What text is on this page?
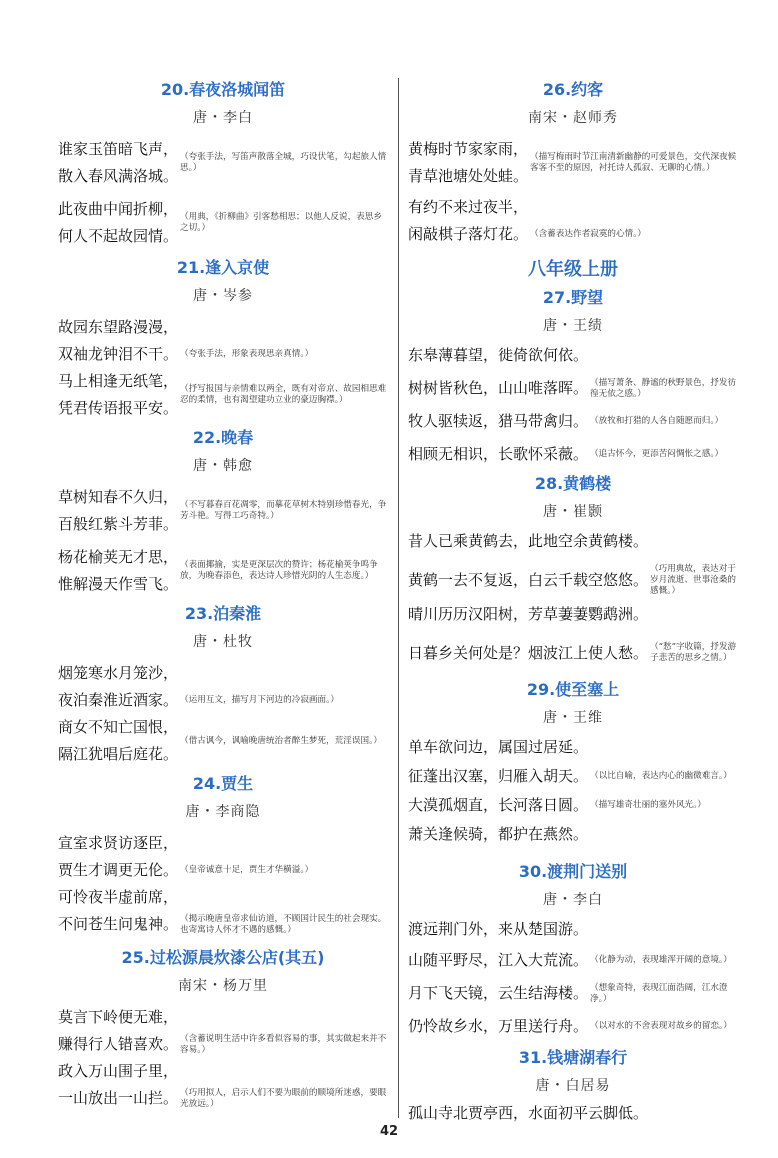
20.春夜洛城闻笛
唐・李白
谁家玉笛暗飞声，
散入春风满洛城。
（夸张手法，写笛声散落全城，巧设伏笔，勾起旅人情思。）
此夜曲中闻折柳，
何人不起故园情。
（用典，《折柳曲》引客愁相思；以他人反说，表思乡之切。）
21.逢入京使
唐・岑参
故园东望路漫漫，
双袖龙钟泪不干。 （夸张手法，形象表现思亲真情。）
马上相逢无纸笔，
凭君传语报平安。
（抒写报国与亲情难以两全，既有对帝京、故园相思难忍的柔情，也有渴望建功立业的豪迈胸襟。）
22.晚春
唐・韩愈
草树知春不久归，
百般红紫斗芳菲。
（不写暮春百花凋零，而摹花草树木特别珍惜春光，争芳斗艳。写得工巧奇特。）
杨花榆荚无才思，
惟解漫天作雪飞。
（表面揶揄，实是更深层次的赞许；杨花榆荚争鸣争放，为晚春添色，表达诗人珍惜光阴的人生态度。）
23.泊秦淮
唐・杜牧
烟笼寒水月笼沙，
夜泊秦淮近酒家。 （运用互文，描写月下河边的冷寂画面。）
商女不知亡国恨，
隔江犹唱后庭花。
（借古讽今，讽喻晚唐统治者醉生梦死，荒淫误国。）
24.贾生
唐・李商隐
宣室求贤访逐臣，
贾生才调更无伦。 （皇帝诚意十足，贾生才华横溢。）
可怜夜半虚前席，
不问苍生问鬼神。 （揭示晚唐皇帝求仙访道，不顾国计民生的社会现实。也寄寓诗人怀才不遇的感慨。）
25.过松源晨炊漆公店(其五)
南宋・杨万里
莫言下岭便无难，
赚得行人错喜欢。 （含蓄说明生活中许多看似容易的事，其实做起来并不容易。）
政入万山围子里，
一山放出一山拦。 （巧用拟人，启示人们不要为眼前的顺境所迷惑，要眼光放远。）
26.约客
南宋・赵师秀
黄梅时节家家雨，
青草池塘处处蛙。
（描写梅雨时节江南清新幽静的可爱景色，交代深夜候客客不至的原因，衬托诗人孤寂、无聊的心情。）
有约不来过夜半，
闲敲棋子落灯花。 （含蓄表达作者寂寞的心情。）
八年级上册
27.野望
唐・王绩
东皋薄暮望，徙倚欲何依。
树树皆秋色，山山唯落晖。 （描写萧条、静谧的秋野景色，抒发彷徨无依之感。）
牧人驱犊返，猎马带禽归。 （放牧和打猎的人各自随愿而归。）
相顾无相识，长歌怀采薇。 （追古怀今，更添苦闷惆怅之感。）
28.黄鹤楼
唐・崔颢
昔人已乘黄鹤去，此地空余黄鹤楼。
黄鹤一去不复返，白云千载空悠悠。
（巧用典故，表达对于岁月流逝、世事沧桑的感慨。）
晴川历历汉阳树，芳草萋萋鹦鹉洲。
日暮乡关何处是？烟波江上使人愁。 （“愁”字收篇，抒发游子悲苦的思乡之情。）
29.使至塞上
唐・王维
单车欲问边，属国过居延。
征蓬出汉塞，归雁入胡天。 （以比自喻，表达内心的幽微难言。）
大漠孤烟直，长河落日圆。 （描写雄奇壮丽的塞外风光。）
萧关逢候骑，都护在燕然。
30.渡荆门送别
唐・李白
渡远荆门外，来从楚国游。
山随平野尽，江入大荒流。 （化静为动，表现雄浑开阔的意境。）
月下飞天镜，云生结海楼。 （想象奇特，表现江面浩阔，江水澄净。）
仍怜故乡水，万里送行舟。 （以对水的不舍表现对故乡的留恋。）
31.钱塘湖春行
唐・白居易
孤山寺北贾亭西，水面初平云脚低。
42
